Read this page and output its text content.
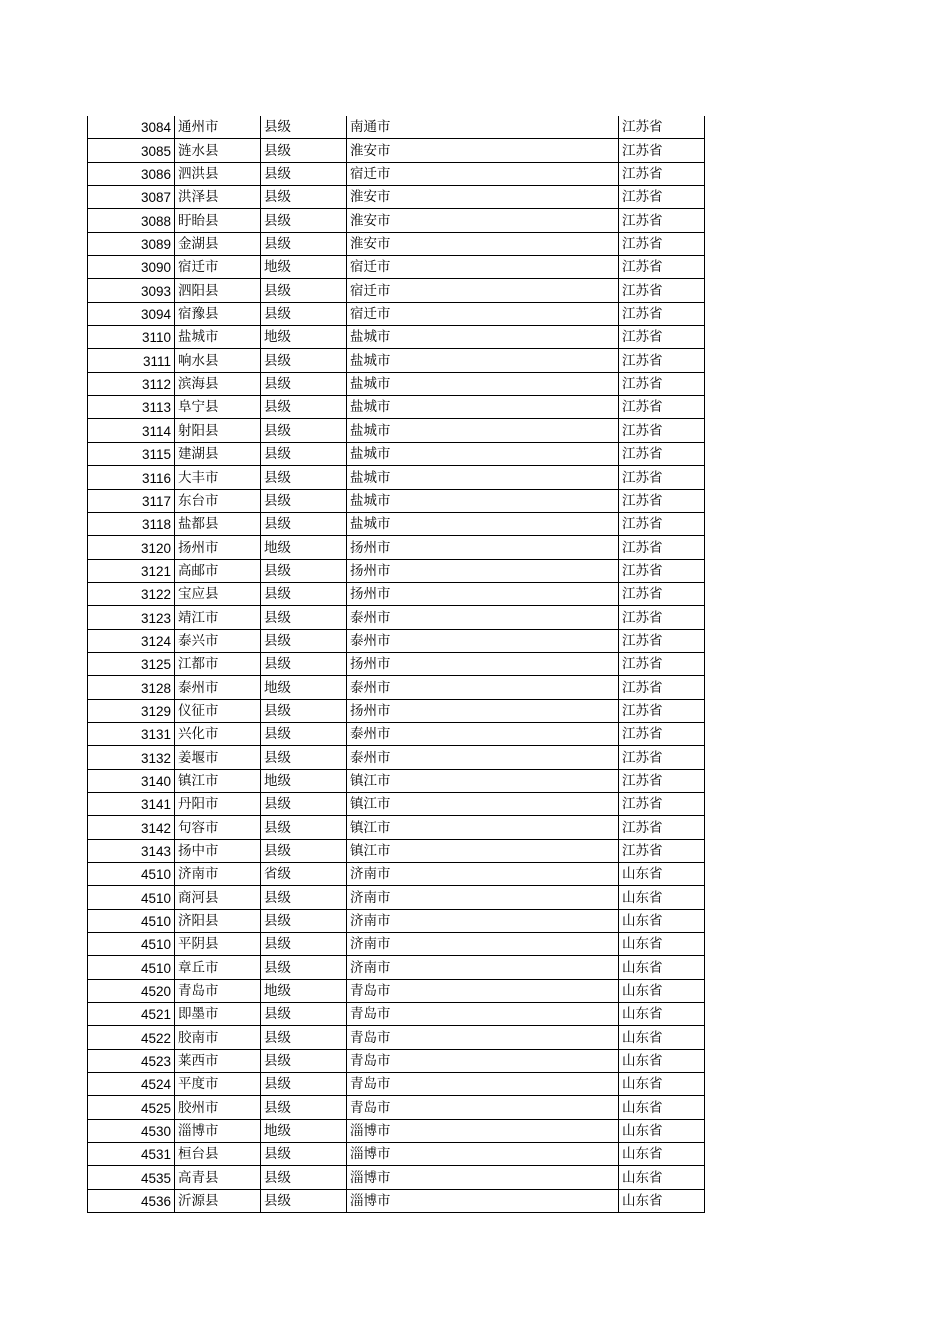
3084	通州市	县级	南通市	江苏省
3085	涟水县	县级	淮安市	江苏省
3086	泗洪县	县级	宿迁市	江苏省
3087	洪泽县	县级	淮安市	江苏省
3088	盱眙县	县级	淮安市	江苏省
3089	金湖县	县级	淮安市	江苏省
3090	宿迁市	地级	宿迁市	江苏省
3093	泗阳县	县级	宿迁市	江苏省
3094	宿豫县	县级	宿迁市	江苏省
3110	盐城市	地级	盐城市	江苏省
3111	响水县	县级	盐城市	江苏省
3112	滨海县	县级	盐城市	江苏省
3113	阜宁县	县级	盐城市	江苏省
3114	射阳县	县级	盐城市	江苏省
3115	建湖县	县级	盐城市	江苏省
3116	大丰市	县级	盐城市	江苏省
3117	东台市	县级	盐城市	江苏省
3118	盐都县	县级	盐城市	江苏省
3120	扬州市	地级	扬州市	江苏省
3121	高邮市	县级	扬州市	江苏省
3122	宝应县	县级	扬州市	江苏省
3123	靖江市	县级	泰州市	江苏省
3124	泰兴市	县级	泰州市	江苏省
3125	江都市	县级	扬州市	江苏省
3128	泰州市	地级	泰州市	江苏省
3129	仪征市	县级	扬州市	江苏省
3131	兴化市	县级	泰州市	江苏省
3132	姜堰市	县级	泰州市	江苏省
3140	镇江市	地级	镇江市	江苏省
3141	丹阳市	县级	镇江市	江苏省
3142	句容市	县级	镇江市	江苏省
3143	扬中市	县级	镇江市	江苏省
4510	济南市	省级	济南市	山东省
4510	商河县	县级	济南市	山东省
4510	济阳县	县级	济南市	山东省
4510	平阴县	县级	济南市	山东省
4510	章丘市	县级	济南市	山东省
4520	青岛市	地级	青岛市	山东省
4521	即墨市	县级	青岛市	山东省
4522	胶南市	县级	青岛市	山东省
4523	莱西市	县级	青岛市	山东省
4524	平度市	县级	青岛市	山东省
4525	胶州市	县级	青岛市	山东省
4530	淄博市	地级	淄博市	山东省
4531	桓台县	县级	淄博市	山东省
4535	高青县	县级	淄博市	山东省
4536	沂源县	县级	淄博市	山东省
